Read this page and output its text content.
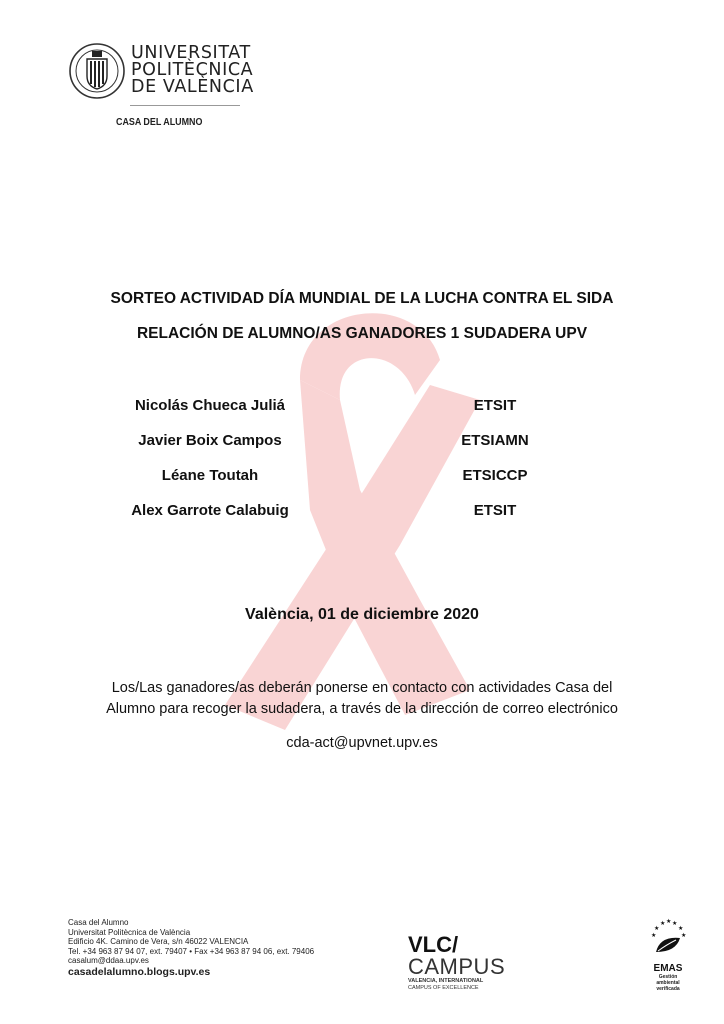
UNIVERSITAT
POLITÈCNICA
DE VALÈNCIA
CASA DEL ALUMNO
SORTEO ACTIVIDAD DÍA MUNDIAL DE LA LUCHA CONTRA EL SIDA
RELACIÓN DE ALUMNO/AS GANADORES 1 SUDADERA UPV
Nicolás Chueca Juliá	ETSIT
Javier Boix Campos	ETSIAMN
Léane Toutah	ETSICCP
Alex Garrote Calabuig	ETSIT
València, 01 de diciembre 2020
Los/Las ganadores/as deberán ponerse en contacto con actividades Casa del
Alumno para recoger la sudadera, a través de la dirección de correo electrónico
cda-act@upvnet.upv.es
Casa del Alumno
Universitat Politècnica de València
Edificio 4K. Camino de Vera, s/n 46022 VALENCIA
Tel. +34 963 87 94 07, ext. 79407 • Fax +34 963 87 94 06, ext. 79406
casalum@ddaa.upv.es
casadelalumno.blogs.upv.es
VLC/
CAMPUS
VALENCIA, INTERNATIONAL
CAMPUS OF EXCELLENCE
★ ★ ★
★	★
★	★
EMAS
Gestión
ambiental
verificada
